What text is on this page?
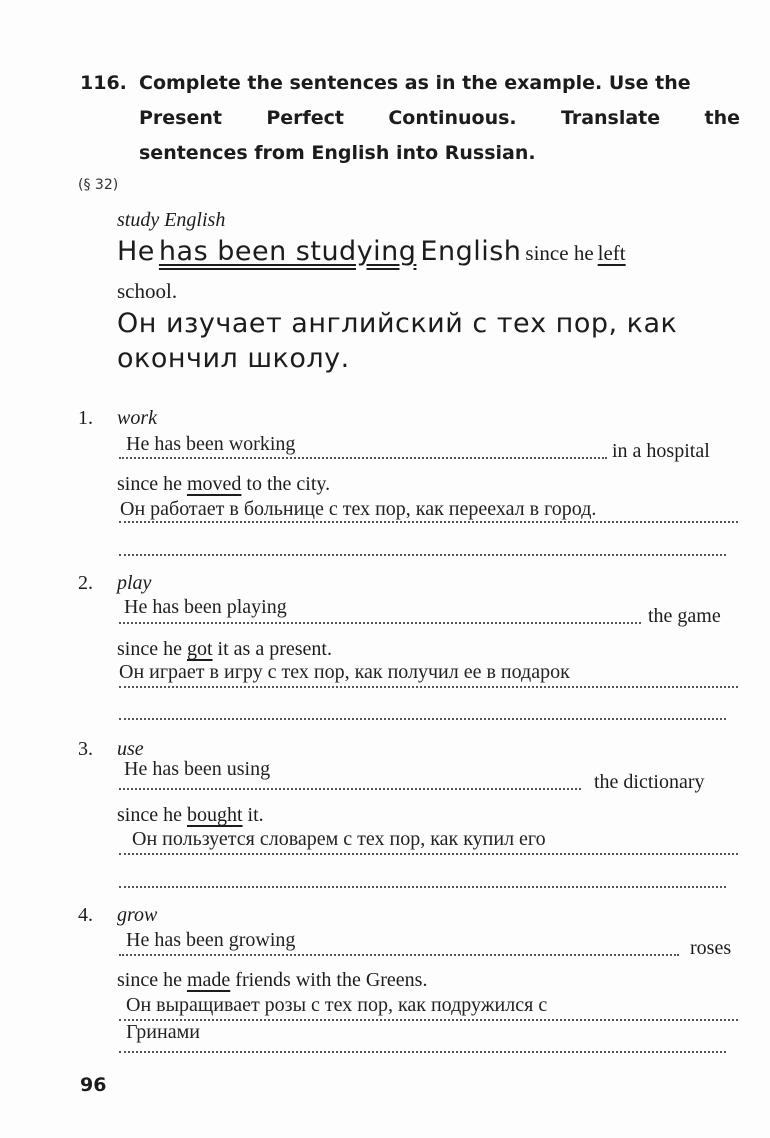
116. Complete the sentences as in the example. Use the
Present Perfect Continuous. Translate the
sentences from English into Russian.
(§ 32)
study English
He has been studying English since he left
school.
Он изучает английский с тех пор, как
окончил школу.
1. work
He has been working	in a hospital
since he moved to the city.
Он работает в больнице с тех пор, как переехал в город.
2. play
He has been playing	the game
since he got it as a present.
Он играет в игру с тех пор, как получил ее в подарок
3. use
He has been using
the dictionary
since he bought it.
Он пользуется словарем с тех пор, как купил его
4. grow
He has been growing	roses
since he made friends with the Greens.
Он выращивает розы с тех пор, как подружился с
Гринами
96
